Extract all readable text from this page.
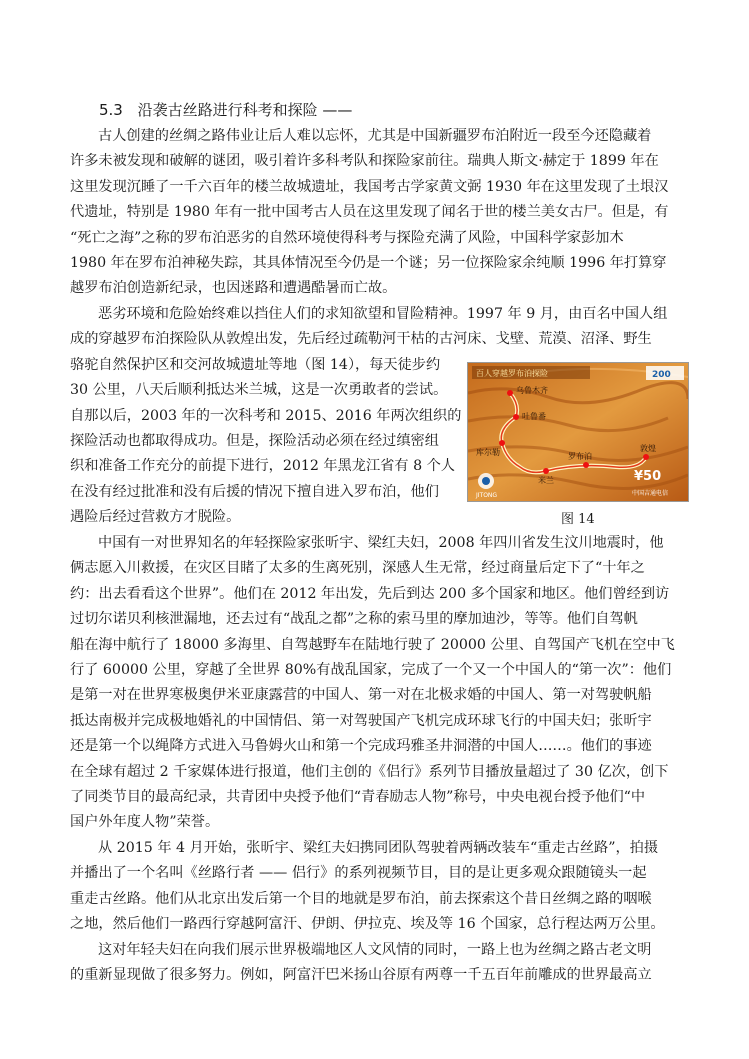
5.3 沿袭古丝路进行科考和探险 ——
古人创建的丝绸之路伟业让后人难以忘怀，尤其是中国新疆罗布泊附近一段至今还隐藏着
许多未被发现和破解的谜团，吸引着许多科考队和探险家前往。瑞典人斯文·赫定于 1899 年在
这里发现沉睡了一千六百年的楼兰故城遗址，我国考古学家黄文弼 1930 年在这里发现了土垠汉
代遗址，特别是 1980 年有一批中国考古人员在这里发现了闻名于世的楼兰美女古尸。但是，有
“死亡之海”之称的罗布泊恶劣的自然环境使得科考与探险充满了风险，中国科学家彭加木
1980 年在罗布泊神秘失踪，其具体情况至今仍是一个谜；另一位探险家余纯顺 1996 年打算穿
越罗布泊创造新纪录，也因迷路和遭遇酷暑而亡故。
恶劣环境和危险始终难以挡住人们的求知欲望和冒险精神。1997 年 9 月，由百名中国人组
成的穿越罗布泊探险队从敦煌出发，先后经过疏勒河干枯的古河床、戈壁、荒漠、沼泽、野生
骆驼自然保护区和交河故城遗址等地（图 14），每天徒步约
30 公里，八天后顺利抵达米兰城，这是一次勇敢者的尝试。
自那以后，2003 年的一次科考和 2015、2016 年两次组织的
探险活动也都取得成功。但是，探险活动必须在经过缜密组
织和准备工作充分的前提下进行，2012 年黑龙江省有 8 个人
在没有经过批准和没有后援的情况下擅自进入罗布泊，他们
遇险后经过营救方才脱险。
百人穿越罗布泊探险	200
乌鲁木齐
吐鲁番
库尔勒
米兰
罗布泊
敦煌
¥50
JITONG	中国吉通电信
图 14
中国有一对世界知名的年轻探险家张昕宇、梁红夫妇，2008 年四川省发生汶川地震时，他
俩志愿入川救援，在灾区目睹了太多的生离死别，深感人生无常，经过商量后定下了“十年之
约：出去看看这个世界”。他们在 2012 年出发，先后到达 200 多个国家和地区。他们曾经到访
过切尔诺贝利核泄漏地，还去过有“战乱之都”之称的索马里的摩加迪沙，等等。他们自驾帆
船在海中航行了 18000 多海里、自驾越野车在陆地行驶了 20000 公里、自驾国产飞机在空中飞
行了 60000 公里，穿越了全世界 80%有战乱国家，完成了一个又一个中国人的“第一次”：他们
是第一对在世界寒极奥伊米亚康露营的中国人、第一对在北极求婚的中国人、第一对驾驶帆船
抵达南极并完成极地婚礼的中国情侣、第一对驾驶国产飞机完成环球飞行的中国夫妇；张昕宇
还是第一个以绳降方式进入马鲁姆火山和第一个完成玛雅圣井洞潜的中国人……。他们的事迹
在全球有超过 2 千家媒体进行报道，他们主创的《侣行》系列节目播放量超过了 30 亿次，创下
了同类节目的最高纪录，共青团中央授予他们“青春励志人物”称号，中央电视台授予他们“中
国户外年度人物”荣誉。
从 2015 年 4 月开始，张昕宇、梁红夫妇携同团队驾驶着两辆改装车“重走古丝路”，拍摄
并播出了一个名叫《丝路行者 —— 侣行》的系列视频节目，目的是让更多观众跟随镜头一起
重走古丝路。他们从北京出发后第一个目的地就是罗布泊，前去探索这个昔日丝绸之路的咽喉
之地，然后他们一路西行穿越阿富汗、伊朗、伊拉克、埃及等 16 个国家，总行程达两万公里。
这对年轻夫妇在向我们展示世界极端地区人文风情的同时，一路上也为丝绸之路古老文明
的重新显现做了很多努力。例如，阿富汗巴米扬山谷原有两尊一千五百年前雕成的世界最高立
